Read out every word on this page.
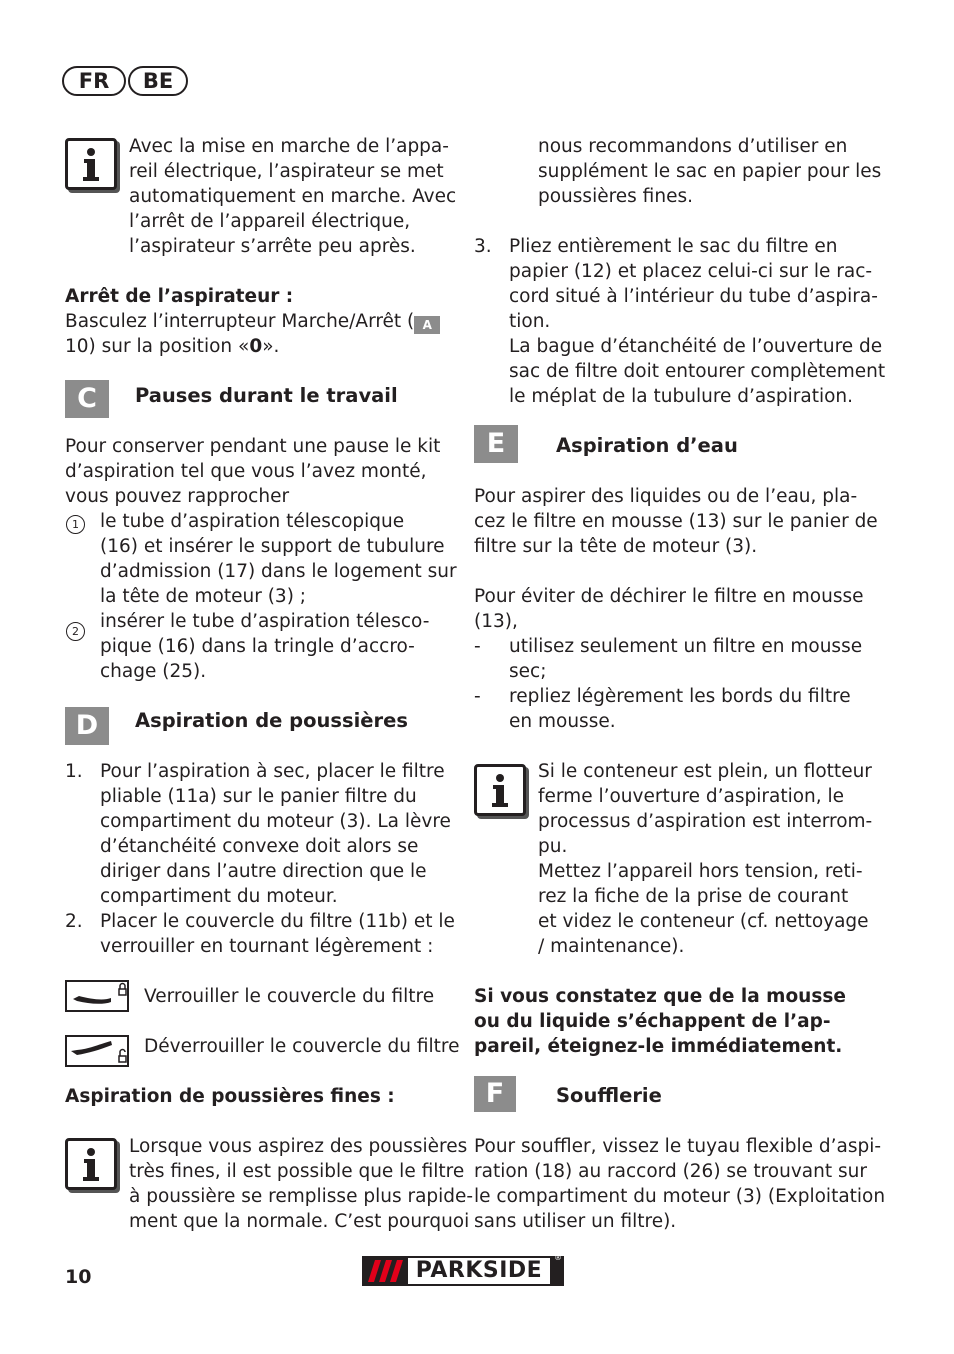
FR	BE
Avec la mise en marche de l’appa-
reil électrique, l’aspirateur se met
automatiquement en marche. Avec
l’arrêt de l’appareil électrique,
l’aspirateur s’arrête peu après.
Arrêt de l’aspirateur :
Basculez l’interrupteur Marche/Arrêt ( A
10) sur la position «0».
C	Pauses durant le travail
Pour conserver pendant une pause le kit
d’aspiration tel que vous l’avez monté,
vous pouvez rapprocher
1	le tube d’aspiration télescopique
(16) et insérer le support de tubulure
d’admission (17) dans le logement sur
la tête de moteur (3) ;
2	insérer le tube d’aspiration télesco-
pique (16) dans la tringle d’accro-
chage (25).
D	Aspiration de poussières
1. Pour l’aspiration à sec, placer le filtre
pliable (11a) sur le panier filtre du
compartiment du moteur (3). La lèvre
d’étanchéité convexe doit alors se
diriger dans l’autre direction que le
compartiment du moteur.
2. Placer le couvercle du filtre (11b) et le
verrouiller en tournant légèrement :
Verrouiller le couvercle du filtre
Déverrouiller le couvercle du filtre
Aspiration de poussières fines :
Lorsque vous aspirez des poussières
très fines, il est possible que le filtre
à poussière se remplisse plus rapide-
ment que la normale. C’est pourquoi
10
nous recommandons d’utiliser en
supplément le sac en papier pour les
poussières fines.
3. Pliez entièrement le sac du filtre en
papier (12) et placez celui-ci sur le rac-
cord situé à l’intérieur du tube d’aspira-
tion.
La bague d’étanchéité de l’ouverture de
sac de filtre doit entourer complètement
le méplat de la tubulure d’aspiration.
E	Aspiration d’eau
Pour aspirer des liquides ou de l’eau, pla-
cez le filtre en mousse (13) sur le panier de
filtre sur la tête de moteur (3).
Pour éviter de déchirer le filtre en mousse
(13),
- utilisez seulement un filtre en mousse
sec;
- repliez légèrement les bords du filtre
en mousse.
Si le conteneur est plein, un flotteur
ferme l’ouverture d’aspiration, le
processus d’aspiration est interrom-
pu.
Mettez l’appareil hors tension, reti-
rez la fiche de la prise de courant
et videz le conteneur (cf. nettoyage
/ maintenance).
Si vous constatez que de la mousse
ou du liquide s’échappent de l’ap-
pareil, éteignez-le immédiatement.
F	Soufflerie
Pour souffler, vissez le tuyau flexible d’aspi-
ration (18) au raccord (26) se trouvant sur
le compartiment du moteur (3) (Exploitation
sans utiliser un filtre).
PARKSIDE
®
